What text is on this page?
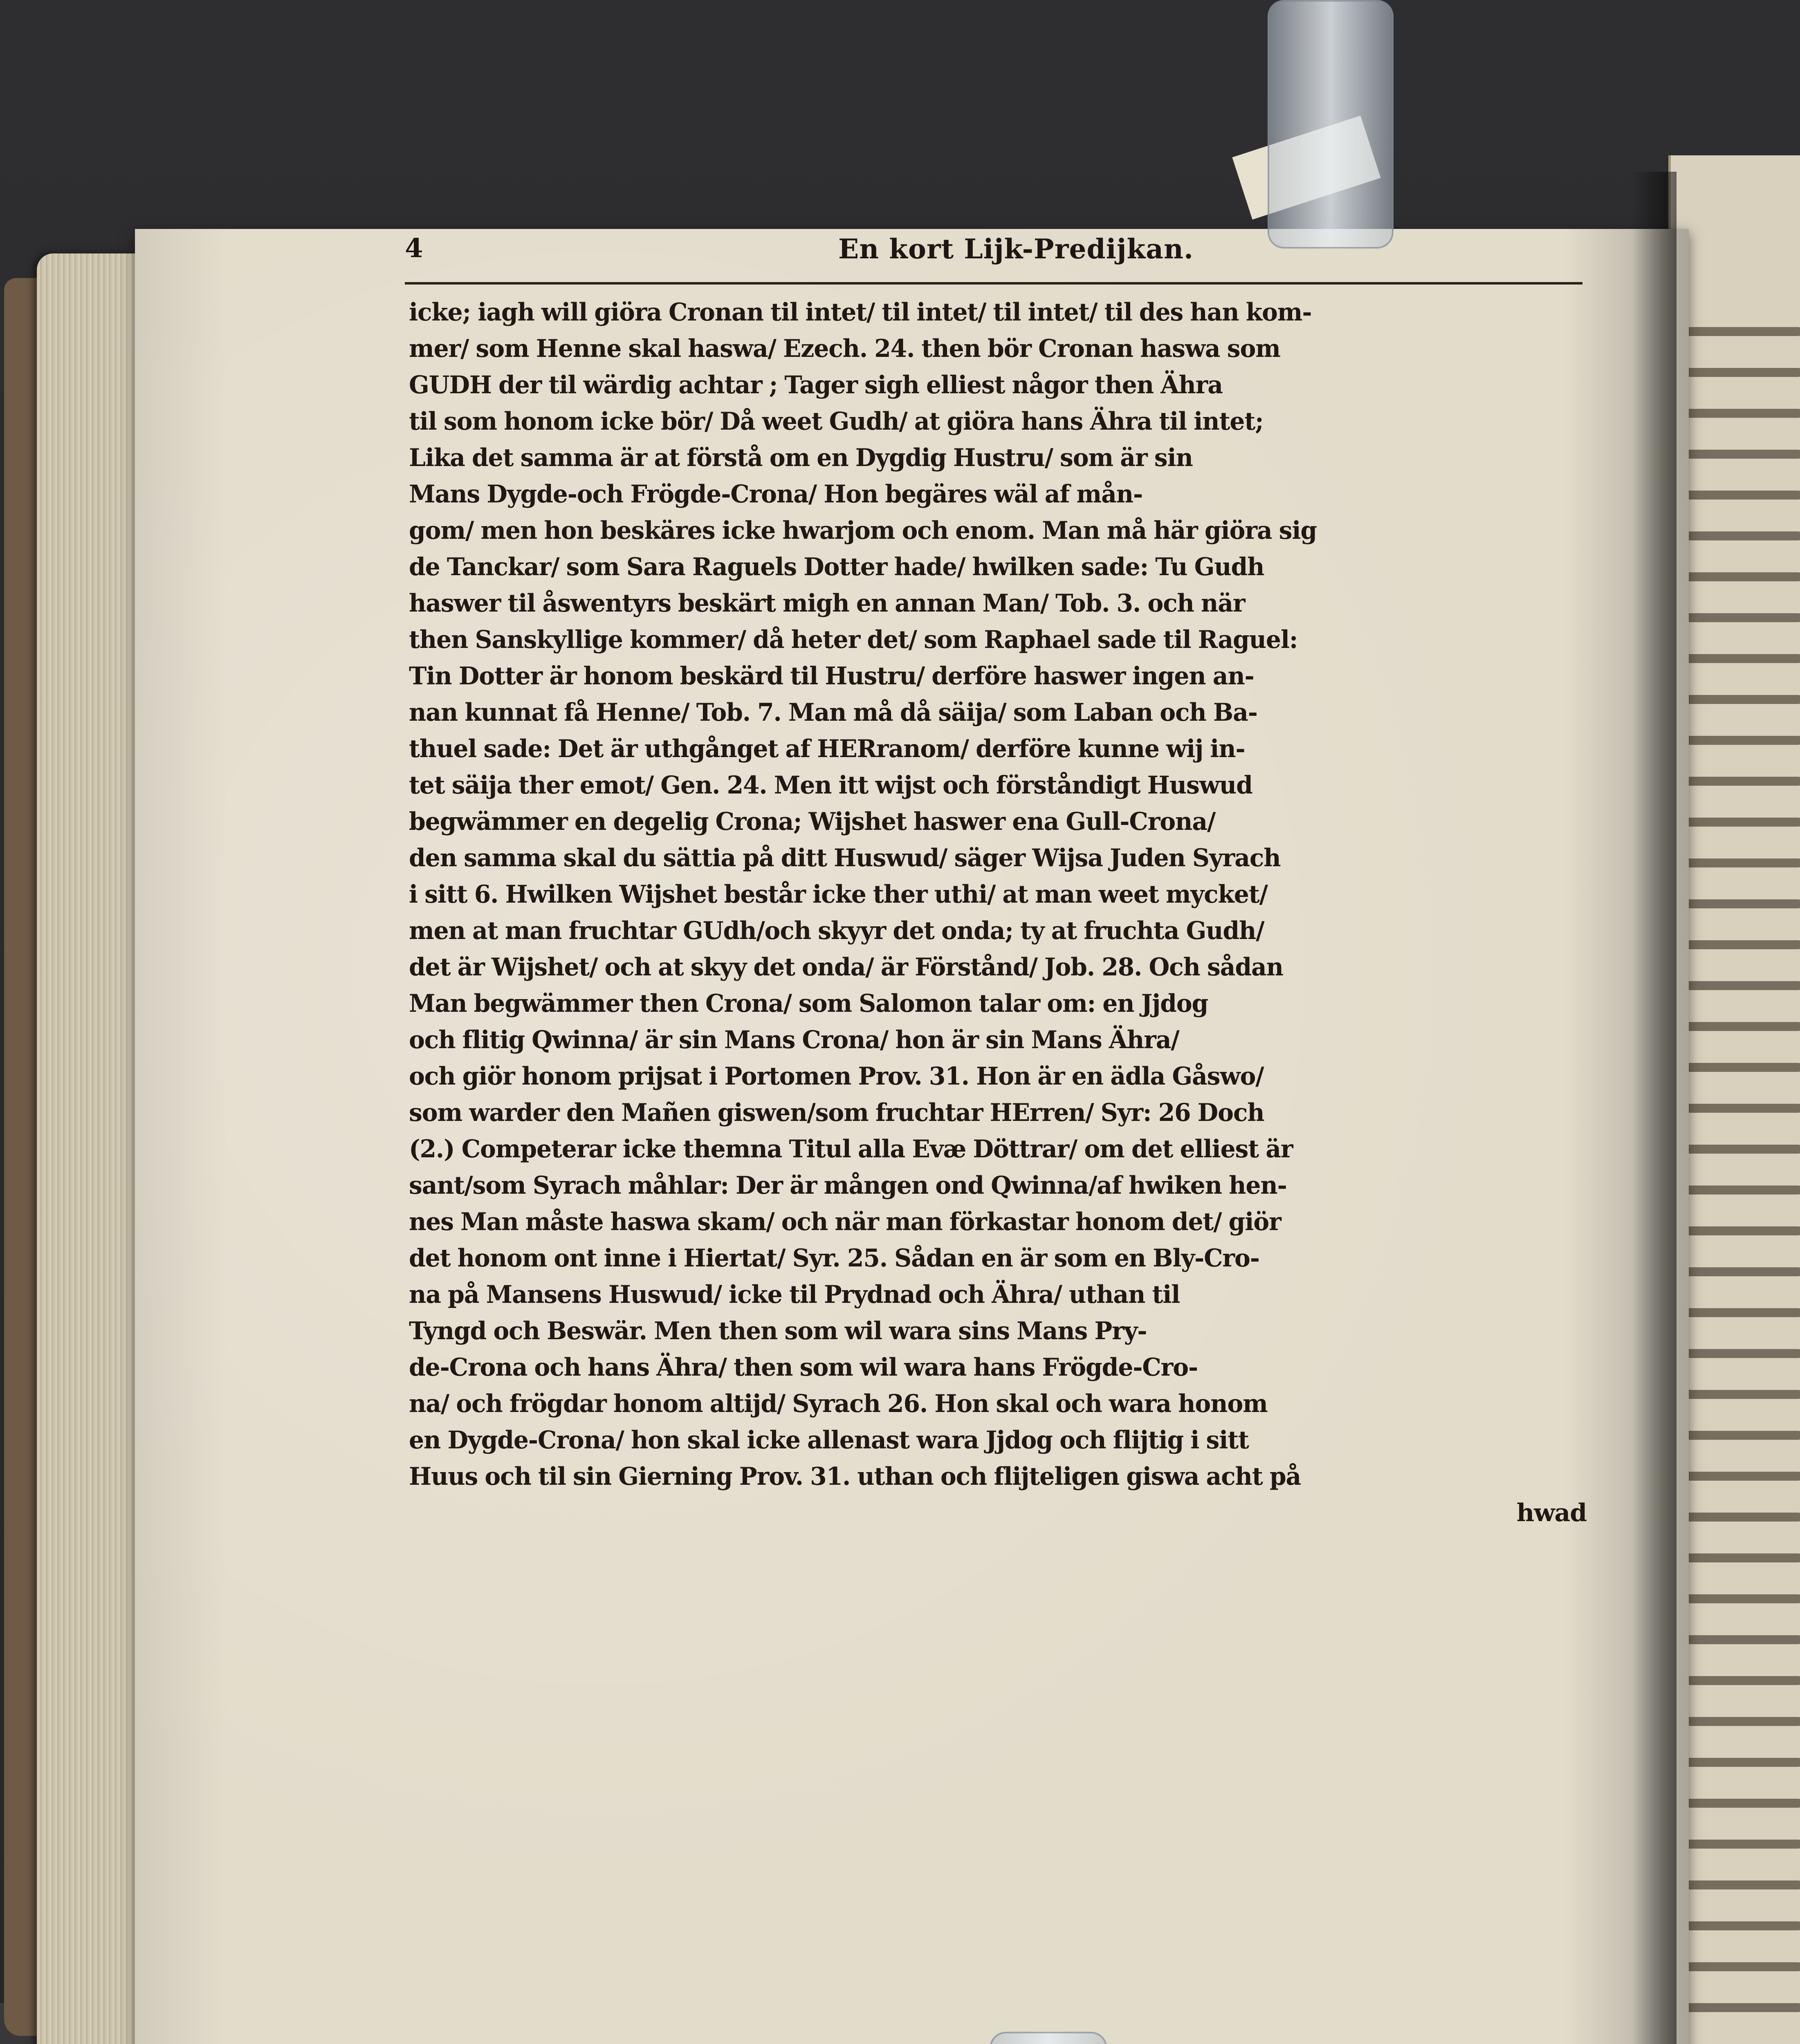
4	En kort Lijk-Predijkan.
icke; iagh will giöra Cronan til intet/ til intet/ til intet/ til des han kom-
mer/ som Henne skal haswa/ Ezech. 24. then bör Cronan haswa som
GUDH der til wärdig achtar ; Tager sigh elliest någor then Ähra
til som honom icke bör/ Då weet Gudh/ at giöra hans Ähra til intet;
Lika det samma är at förstå om en Dygdig Hustru/ som är sin
Mans Dygde-och Frögde-Crona/ Hon begäres wäl af mån-
gom/ men hon beskäres icke hwarjom och enom. Man må här giöra sig
de Tanckar/ som Sara Raguels Dotter hade/ hwilken sade: Tu Gudh
haswer til åswentyrs beskärt migh en annan Man/ Tob. 3. och när
then Sanskyllige kommer/ då heter det/ som Raphael sade til Raguel:
Tin Dotter är honom beskärd til Hustru/ derföre haswer ingen an-
nan kunnat få Henne/ Tob. 7. Man må då säija/ som Laban och Ba-
thuel sade: Det är uthgånget af HERranom/ derföre kunne wij in-
tet säija ther emot/ Gen. 24. Men itt wijst och förståndigt Huswud
begwämmer en degelig Crona; Wijshet haswer ena Gull-Crona/
den samma skal du sättia på ditt Huswud/ säger Wijsa Juden Syrach
i sitt 6. Hwilken Wijshet består icke ther uthi/ at man weet mycket/
men at man fruchtar GUdh/och skyyr det onda; ty at fruchta Gudh/
det är Wijshet/ och at skyy det onda/ är Förstånd/ Job. 28. Och sådan
Man begwämmer then Crona/ som Salomon talar om: en Jjdog
och flitig Qwinna/ är sin Mans Crona/ hon är sin Mans Ähra/
och giör honom prijsat i Portomen Prov. 31. Hon är en ädla Gåswo/
som warder den Mañen giswen/som fruchtar HErren/ Syr: 26 Doch
(2.) Competerar icke themna Titul alla Evæ Döttrar/ om det elliest är
sant/som Syrach måhlar: Der är mången ond Qwinna/af hwiken hen-
nes Man måste haswa skam/ och när man förkastar honom det/ giör
det honom ont inne i Hiertat/ Syr. 25. Sådan en är som en Bly-Cro-
na på Mansens Huswud/ icke til Prydnad och Ähra/ uthan til
Tyngd och Beswär. Men then som wil wara sins Mans Pry-
de-Crona och hans Ähra/ then som wil wara hans Frögde-Cro-
na/ och frögdar honom altijd/ Syrach 26. Hon skal och wara honom
en Dygde-Crona/ hon skal icke allenast wara Jjdog och flijtig i sitt
Huus och til sin Gierning Prov. 31. uthan och flijteligen giswa acht på
hwad
